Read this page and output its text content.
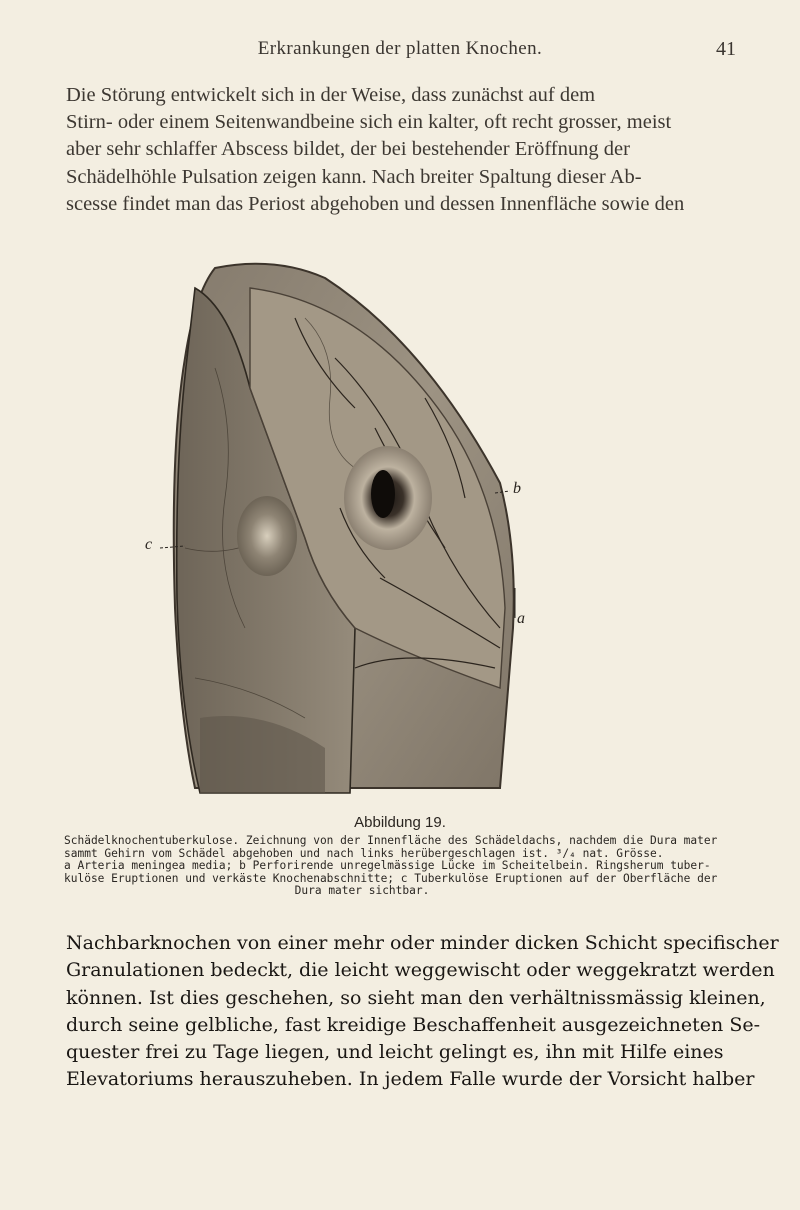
Erkrankungen der platten Knochen.	41
Die Störung entwickelt sich in der Weise, dass zunächst auf dem
Stirn- oder einem Seitenwandbeine sich ein kalter, oft recht grosser, meist
aber sehr schlaffer Abscess bildet, der bei bestehender Eröffnung der
Schädelhöhle Pulsation zeigen kann. Nach breiter Spaltung dieser Ab-
scesse findet man das Periost abgehoben und dessen Innenfläche sowie den
b
c
a
Abbildung 19.
Schädelknochentuberkulose. Zeichnung von der Innenfläche des Schädeldachs, nachdem die Dura mater
sammt Gehirn vom Schädel abgehoben und nach links herübergeschlagen ist. ³/₄ nat. Grösse.
a Arteria meningea media; b Perforirende unregelmässige Lücke im Scheitelbein. Ringsherum tuber-
kulöse Eruptionen und verkäste Knochenabschnitte; c Tuberkulöse Eruptionen auf der Oberfläche der
Dura mater sichtbar.
Nachbarknochen von einer mehr oder minder dicken Schicht specifischer
Granulationen bedeckt, die leicht weggewischt oder weggekratzt werden
können. Ist dies geschehen, so sieht man den verhältnissmässig kleinen,
durch seine gelbliche, fast kreidige Beschaffenheit ausgezeichneten Se-
quester frei zu Tage liegen, und leicht gelingt es, ihn mit Hilfe eines
Elevatoriums herauszuheben. In jedem Falle wurde der Vorsicht halber
